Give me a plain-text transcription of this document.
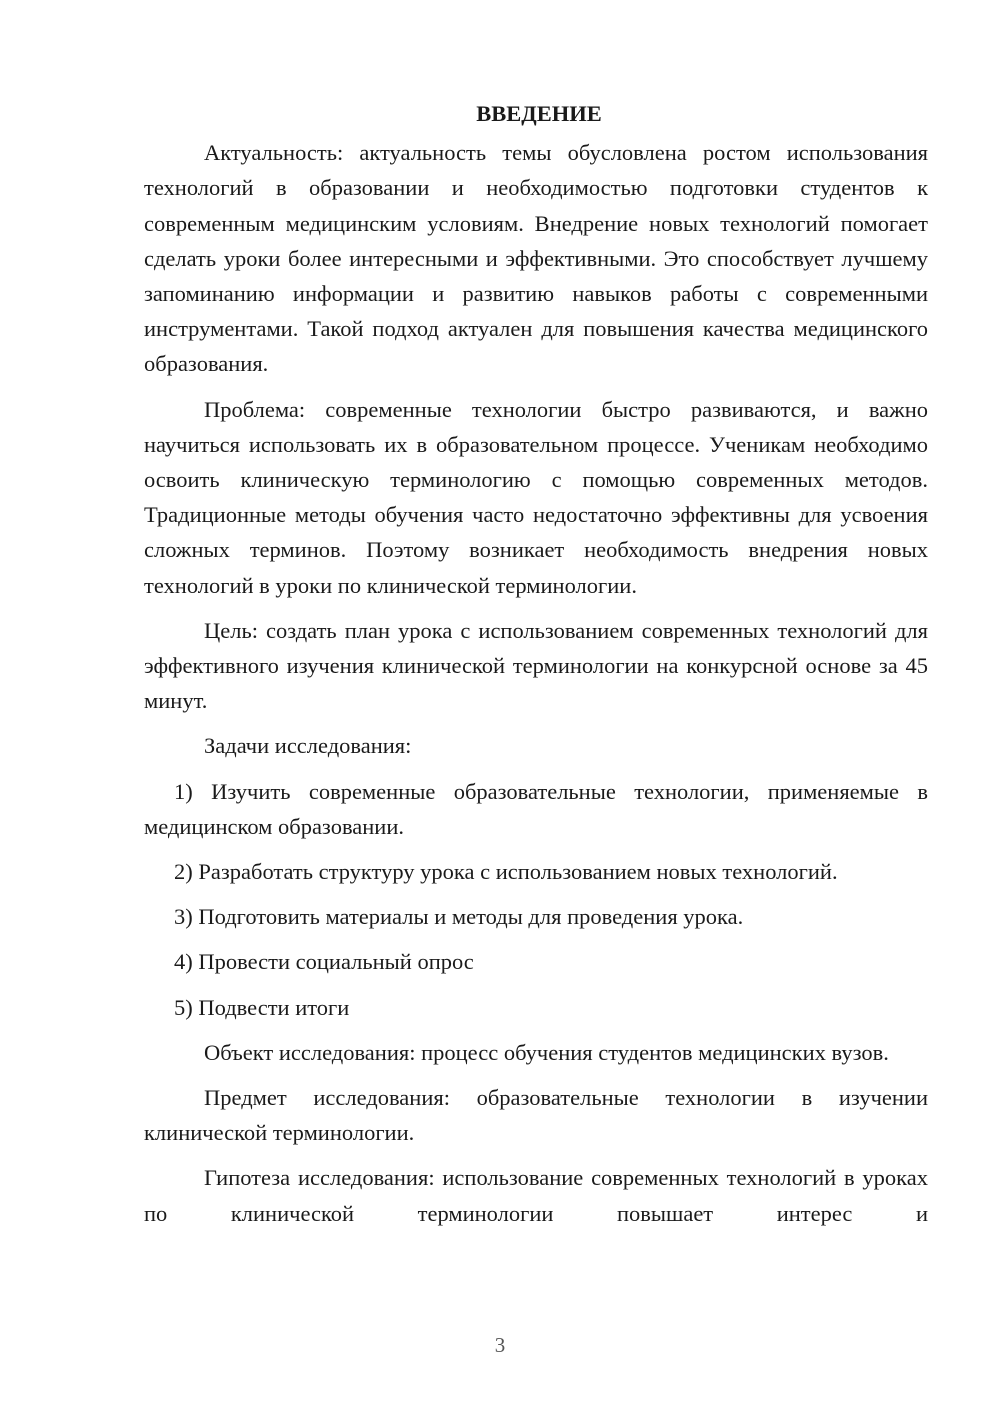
ВВЕДЕНИЕ

Актуальность: актуальность темы обусловлена ростом использования технологий в образовании и необходимостью подготовки студентов к современным медицинским условиям. Внедрение новых технологий помогает сделать уроки более интересными и эффективными. Это способствует лучшему запоминанию информации и развитию навыков работы с современными инструментами. Такой подход актуален для повышения качества медицинского образования.

Проблема: современные технологии быстро развиваются, и важно научиться использовать их в образовательном процессе. Ученикам необходимо освоить клиническую терминологию с помощью современных методов. Традиционные методы обучения часто недостаточно эффективны для усвоения сложных терминов. Поэтому возникает необходимость внедрения новых технологий в уроки по клинической терминологии.

Цель: создать план урока с использованием современных технологий для эффективного изучения клинической терминологии на конкурсной основе за 45 минут.

Задачи исследования:

1) Изучить современные образовательные технологии, применяемые в медицинском образовании.

2) Разработать структуру урока с использованием новых технологий.

3) Подготовить материалы и методы для проведения урока.

4) Провести социальный опрос

5) Подвести итоги

Объект исследования: процесс обучения студентов медицинских вузов.

Предмет исследования: образовательные технологии в изучении клинической терминологии.

Гипотеза исследования: использование современных технологий в уроках по клинической терминологии повышает интерес и

3
